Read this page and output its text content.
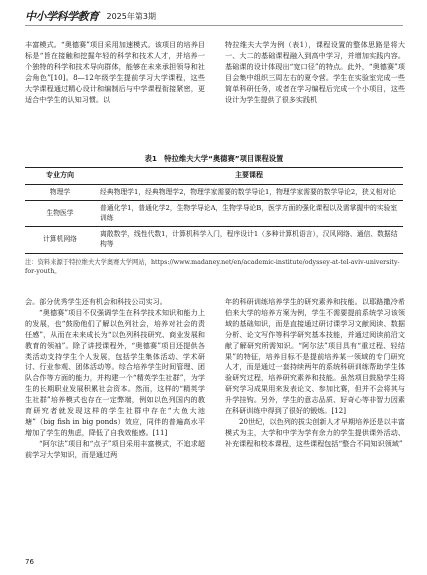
中小学科学教育 2025年第3期

丰富模式。“奥德赛”项目采用加速模式。该项目的培养目标是“旨在接触和挖掘年轻的科学和技术人才，并培养一个独特的科学和技术导向群体，能够在未来承担领导和社会角色”[10]。8—12年级学生提前学习大学课程，这些大学课程通过精心设计和编制后与中学课程衔接紧密，更适合中学生的认知习惯。以

特拉维夫大学为例（表1），课程设置的整体思路是将大一、大二的基础课程融入到高中学习，并增加实践内容。基础课的设计体现出“宽口径”的特点。此外，“奥德赛”项目会集中组织三周左右的夏令营。学生在实验室完成一些简单科研任务，或者在学习编程后完成一个小项目，这些设计为学生提供了很多实践机

表1　特拉维夫大学“奥德赛”项目课程设置
专业方向	主要课程
物理学	经典物理学1，经典物理学2，物理学家需要的数学导论1，物理学家需要的数学导论2，狭义相对论
生物医学	普通化学1，普通化学2，生物学导论A，生物学导论B，医学方面的强化课程以及需掌握中的实验室训练
计算机网络	离散数学，线性代数1，计算机科学入门，程序设计1（多种计算机语言），汉风网络、通信、数据结构等
注：资料来源于特拉维夫大学奥赛大学网站，https://www.madaney.net/en/academic-institute/odyssey-at-tel-aviv-university-for-youth。

会。部分优秀学生还有机会和科技公司实习。

“奥德赛”项目不仅强调学生在科学技术知识和能力上的发展，也“鼓励他们了解以色列社会，培养对社会的责任感”，从而在未来成长为“以色列科技研究、商业发展和教育的领袖”。除了讲授课程外，“奥德赛”项目还提供各类活动支持学生个人发展，包括学生集体活动、学术研讨、行业参观、团体活动等。综合培养学生时间管理、团队合作等方面的能力，并构建一个“精英学生社群”，为学生的长期职业发展积累社会资本。然而，这样的“精英学生社群”培养模式也存在一定弊端，例如以色列国内的教育研究者就发现这样的学生社群中存在“大鱼大池塘”（big fish in big ponds）效应，同伴的普遍高水平增加了学生的焦虑，降低了自我效能感。[11]

“阿尔法”项目和“点子”项目采用丰富模式，不追求超前学习大学知识，而是通过两

年的科研训练培养学生的研究素养和技能。以耶路撒冷希伯来大学的培养方案为例，学生不需要提前系统学习该领域的基础知识，而是直接通过研讨课学习文献阅读、数据分析、论文写作等科学研究基本技能，并通过阅读前沿文献了解研究所需知识。“阿尔法”项目具有“重过程、轻结果”的特征，培养目标不是提前培养某一领域的专门研究人才，而是通过一套持续两年的系统科研训练帮助学生体验研究过程，培养研究素养和技能。虽然项目鼓励学生将研究学习成果用来发表论文、参加比赛，但并不会将其与升学挂钩。另外，学生的意志品质、好奇心等非智力因素在科研训练中得到了很好的锻炼。[12]

20世纪，以色列的拔尖创新人才早期培养还是以丰富模式为主，大学和中学为学有余力的学生提供课外活动、补充课程和校本课程，这些课程包括“整合不同知识领域”

76
